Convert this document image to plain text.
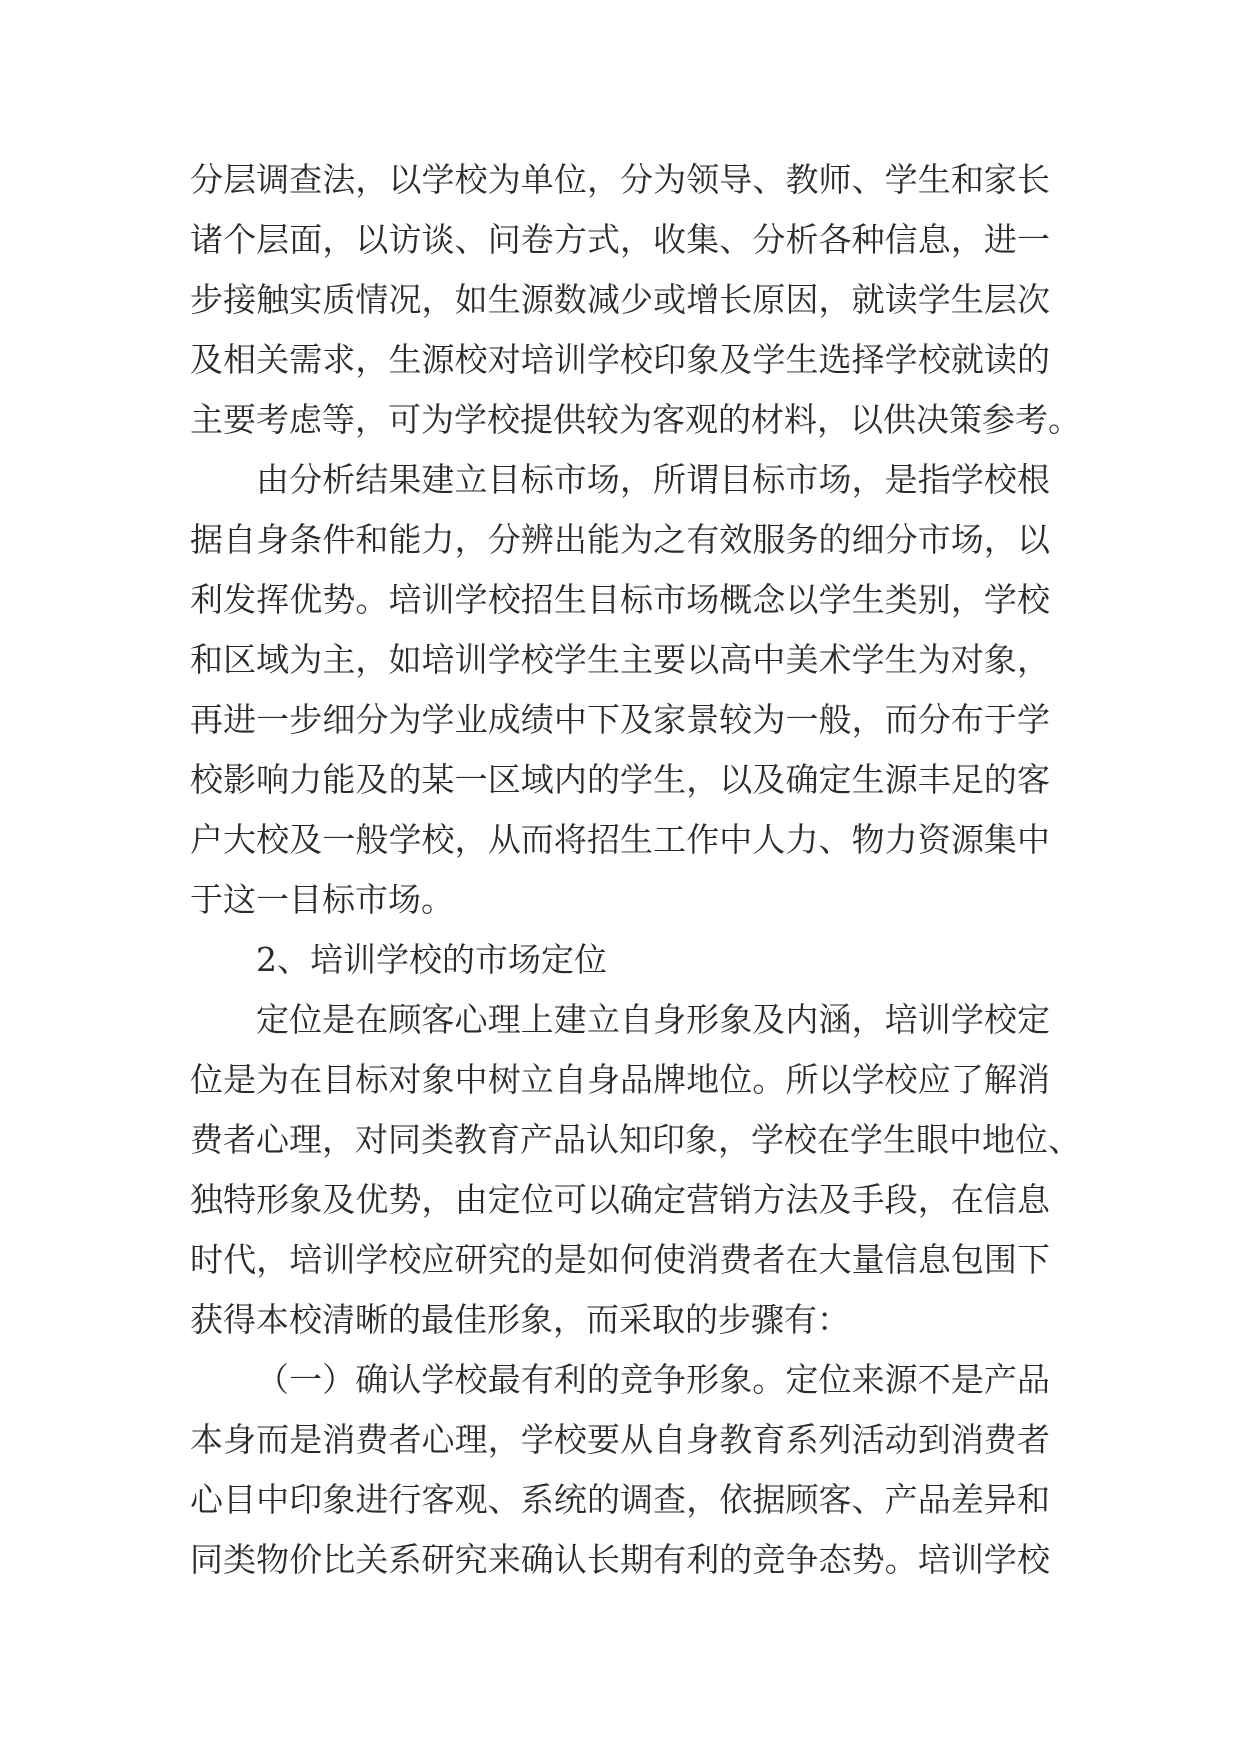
分层调查法，以学校为单位，分为领导、教师、学生和家长
诸个层面，以访谈、问卷方式，收集、分析各种信息，进一
步接触实质情况，如生源数减少或增长原因，就读学生层次
及相关需求，生源校对培训学校印象及学生选择学校就读的
主要考虑等，可为学校提供较为客观的材料，以供决策参考。
由分析结果建立目标市场，所谓目标市场，是指学校根
据自身条件和能力，分辨出能为之有效服务的细分市场，以
利发挥优势。培训学校招生目标市场概念以学生类别，学校
和区域为主，如培训学校学生主要以高中美术学生为对象，
再进一步细分为学业成绩中下及家景较为一般，而分布于学
校影响力能及的某一区域内的学生，以及确定生源丰足的客
户大校及一般学校，从而将招生工作中人力、物力资源集中
于这一目标市场。
2、培训学校的市场定位
定位是在顾客心理上建立自身形象及内涵，培训学校定
位是为在目标对象中树立自身品牌地位。所以学校应了解消
费者心理，对同类教育产品认知印象，学校在学生眼中地位、
独特形象及优势，由定位可以确定营销方法及手段，在信息
时代，培训学校应研究的是如何使消费者在大量信息包围下
获得本校清晰的最佳形象，而采取的步骤有：
（一）确认学校最有利的竞争形象。定位来源不是产品
本身而是消费者心理，学校要从自身教育系列活动到消费者
心目中印象进行客观、系统的调查，依据顾客、产品差异和
同类物价比关系研究来确认长期有利的竞争态势。培训学校
